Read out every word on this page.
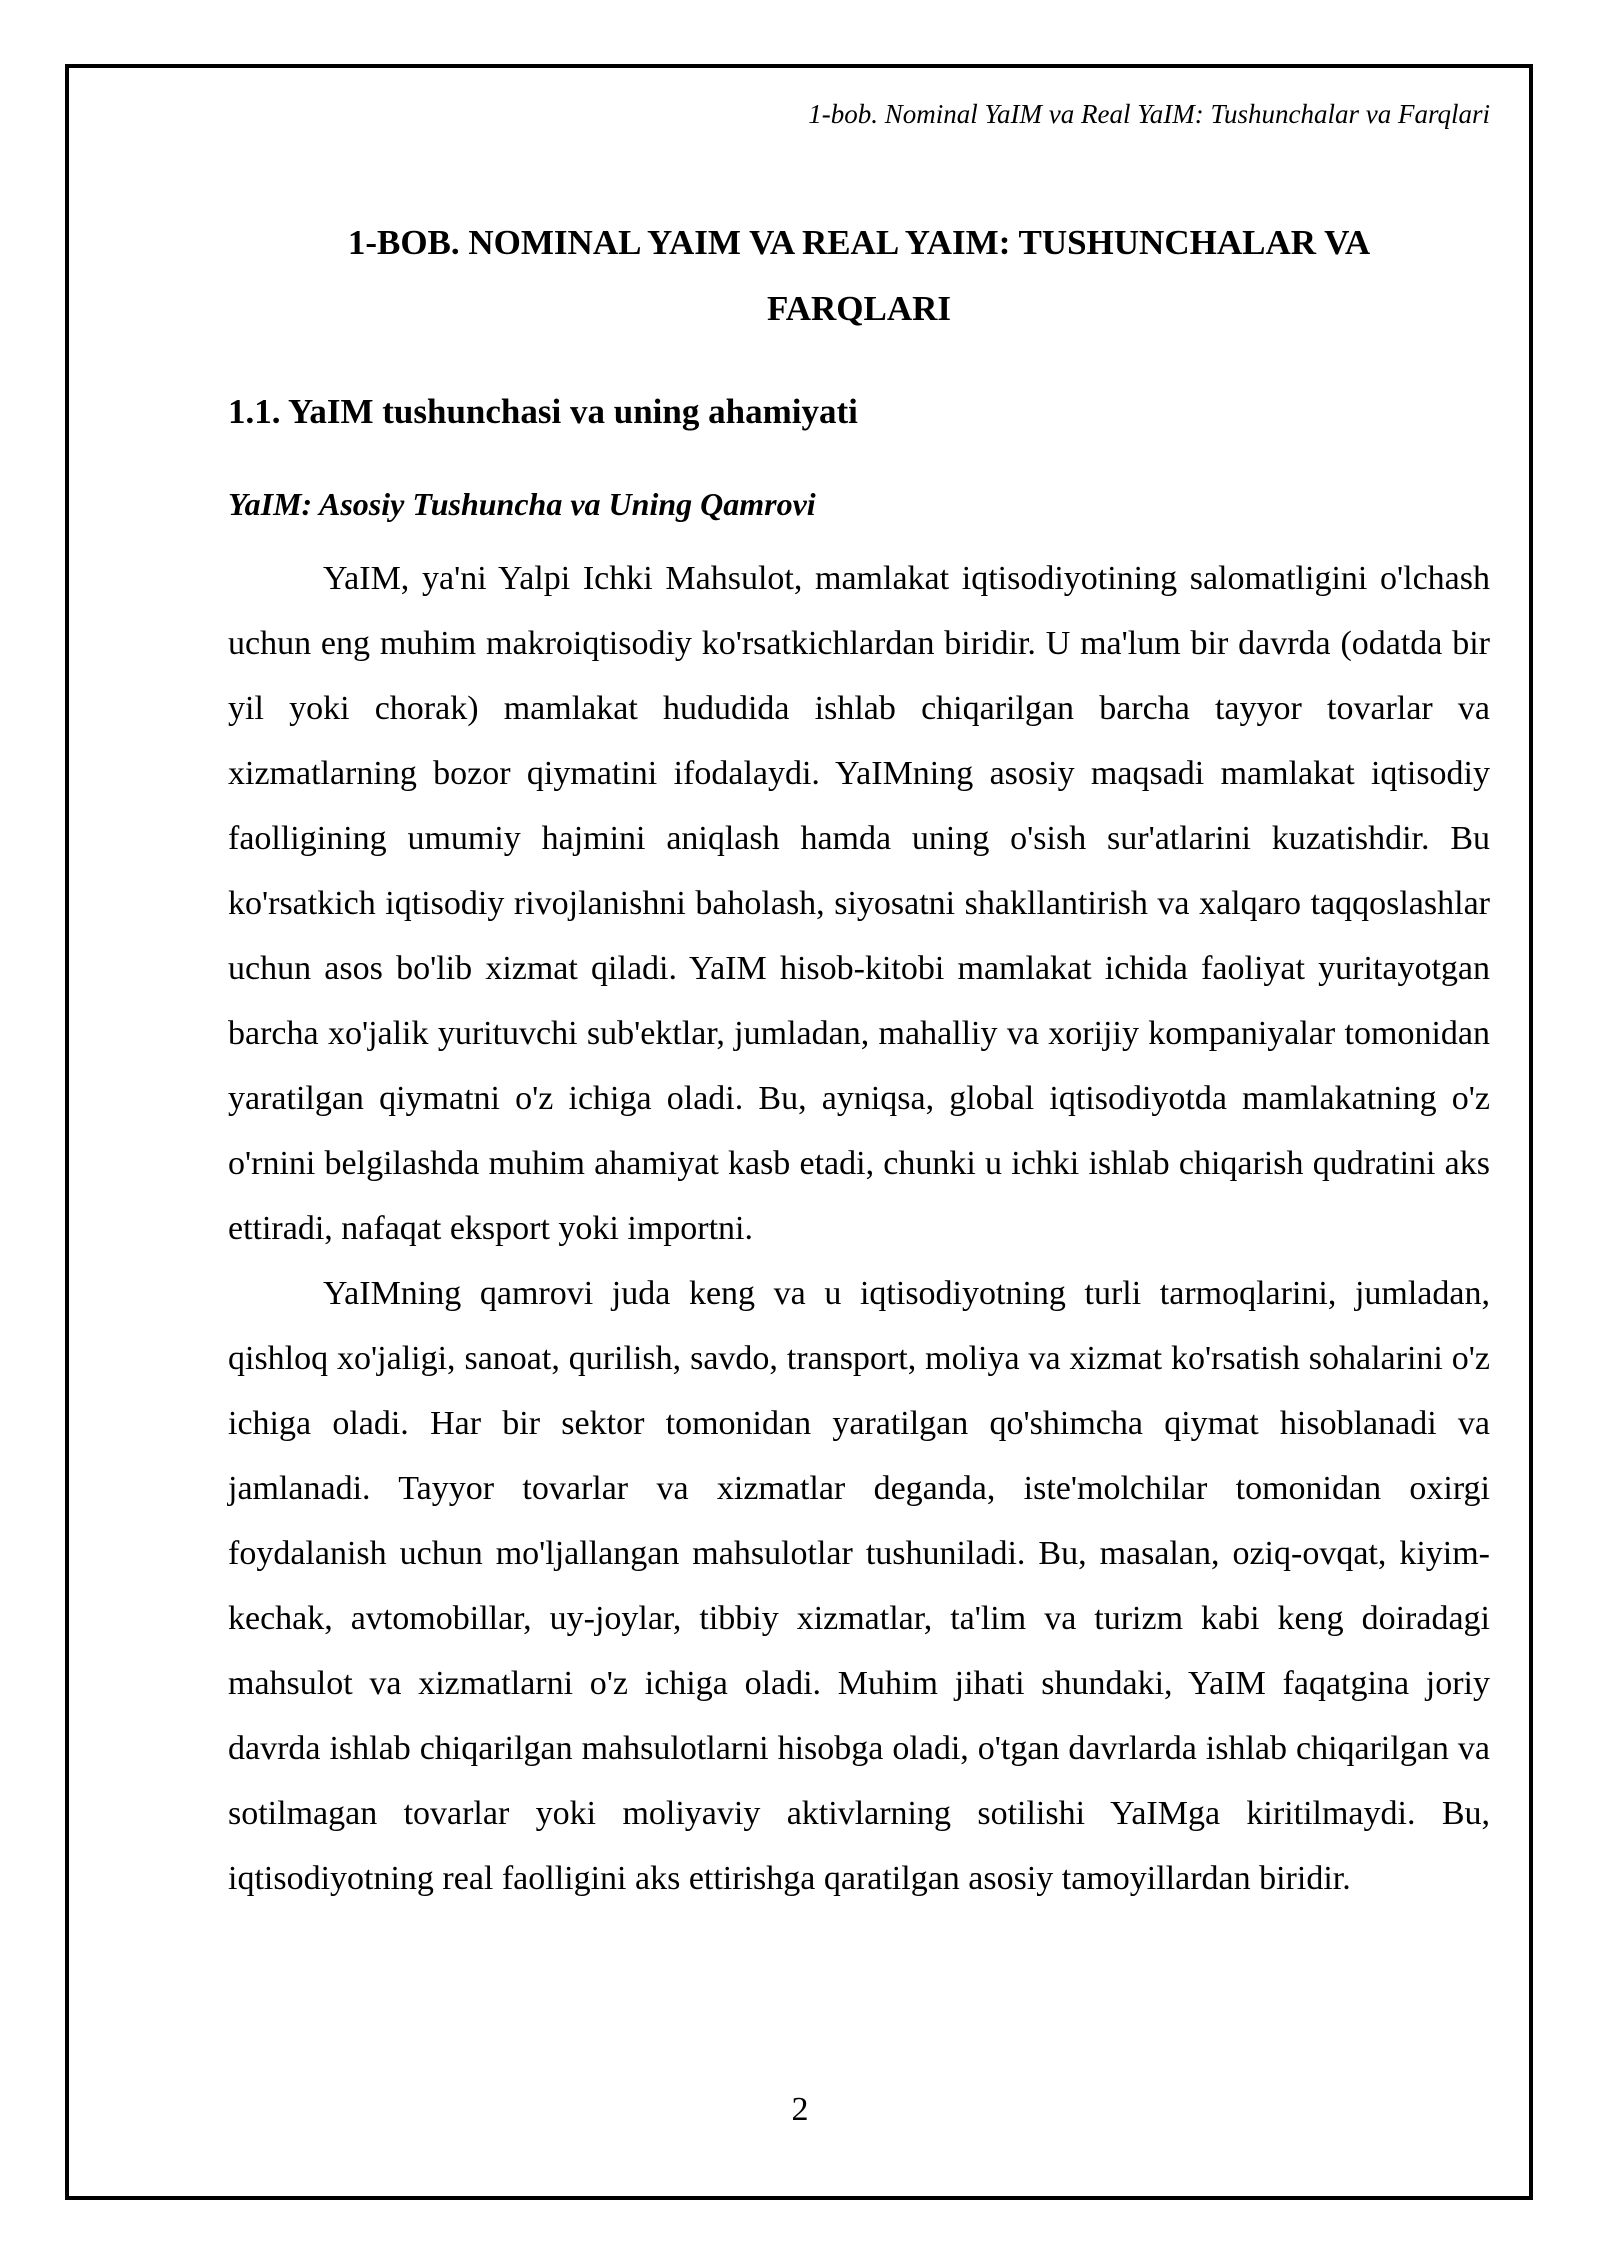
1-bob. Nominal YaIM va Real YaIM: Tushunchalar va Farqlari
1-BOB. NOMINAL YAIM VA REAL YAIM: TUSHUNCHALAR VA
FARQLARI
1.1. YaIM tushunchasi va uning ahamiyati
YaIM: Asosiy Tushuncha va Uning Qamrovi

YaIM, ya'ni Yalpi Ichki Mahsulot, mamlakat iqtisodiyotining salomatligini o'lchash uchun eng muhim makroiqtisodiy ko'rsatkichlardan biridir. U ma'lum bir davrda (odatda bir yil yoki chorak) mamlakat hududida ishlab chiqarilgan barcha tayyor tovarlar va xizmatlarning bozor qiymatini ifodalaydi. YaIMning asosiy maqsadi mamlakat iqtisodiy faolligining umumiy hajmini aniqlash hamda uning o'sish sur'atlarini kuzatishdir. Bu ko'rsatkich iqtisodiy rivojlanishni baholash, siyosatni shakllantirish va xalqaro taqqoslashlar uchun asos bo'lib xizmat qiladi. YaIM hisob-kitobi mamlakat ichida faoliyat yuritayotgan barcha xo'jalik yurituvchi sub'ektlar, jumladan, mahalliy va xorijiy kompaniyalar tomonidan yaratilgan qiymatni o'z ichiga oladi. Bu, ayniqsa, global iqtisodiyotda mamlakatning o'z o'rnini belgilashda muhim ahamiyat kasb etadi, chunki u ichki ishlab chiqarish qudratini aks ettiradi, nafaqat eksport yoki importni.

YaIMning qamrovi juda keng va u iqtisodiyotning turli tarmoqlarini, jumladan, qishloq xo'jaligi, sanoat, qurilish, savdo, transport, moliya va xizmat ko'rsatish sohalarini o'z ichiga oladi. Har bir sektor tomonidan yaratilgan qo'shimcha qiymat hisoblanadi va jamlanadi. Tayyor tovarlar va xizmatlar deganda, iste'molchilar tomonidan oxirgi foydalanish uchun mo'ljallangan mahsulotlar tushuniladi. Bu, masalan, oziq-ovqat, kiyim-kechak, avtomobillar, uy-joylar, tibbiy xizmatlar, ta'lim va turizm kabi keng doiradagi mahsulot va xizmatlarni o'z ichiga oladi. Muhim jihati shundaki, YaIM faqatgina joriy davrda ishlab chiqarilgan mahsulotlarni hisobga oladi, o'tgan davrlarda ishlab chiqarilgan va sotilmagan tovarlar yoki moliyaviy aktivlarning sotilishi YaIMga kiritilmaydi. Bu, iqtisodiyotning real faolligini aks ettirishga qaratilgan asosiy tamoyillardan biridir.

2
